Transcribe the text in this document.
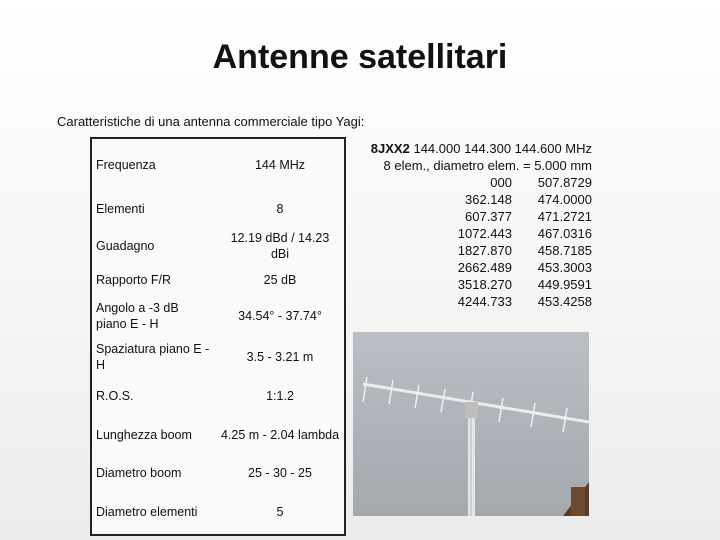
Antenne satellitari
Caratteristiche di una antenna commerciale tipo Yagi:
Frequenza	144 MHz
Elementi	8
Guadagno	12.19 dBd / 14.23 dBi
Rapporto F/R	25 dB
Angolo a -3 dB piano E - H	34.54° - 37.74°
Spaziatura piano E - H	3.5 - 3.21 m
R.O.S.	1:1.2
Lunghezza boom	4.25 m - 2.04 lambda
Diametro boom	25 - 30 - 25
Diametro elementi	5
8JXX2 144.000 144.300 144.600 MHz
8 elem., diametro elem. = 5.000 mm
000	507.8729
362.148	474.0000
607.377	471.2721
1072.443	467.0316
1827.870	458.7185
2662.489	453.3003
3518.270	449.9591
4244.733	453.4258
